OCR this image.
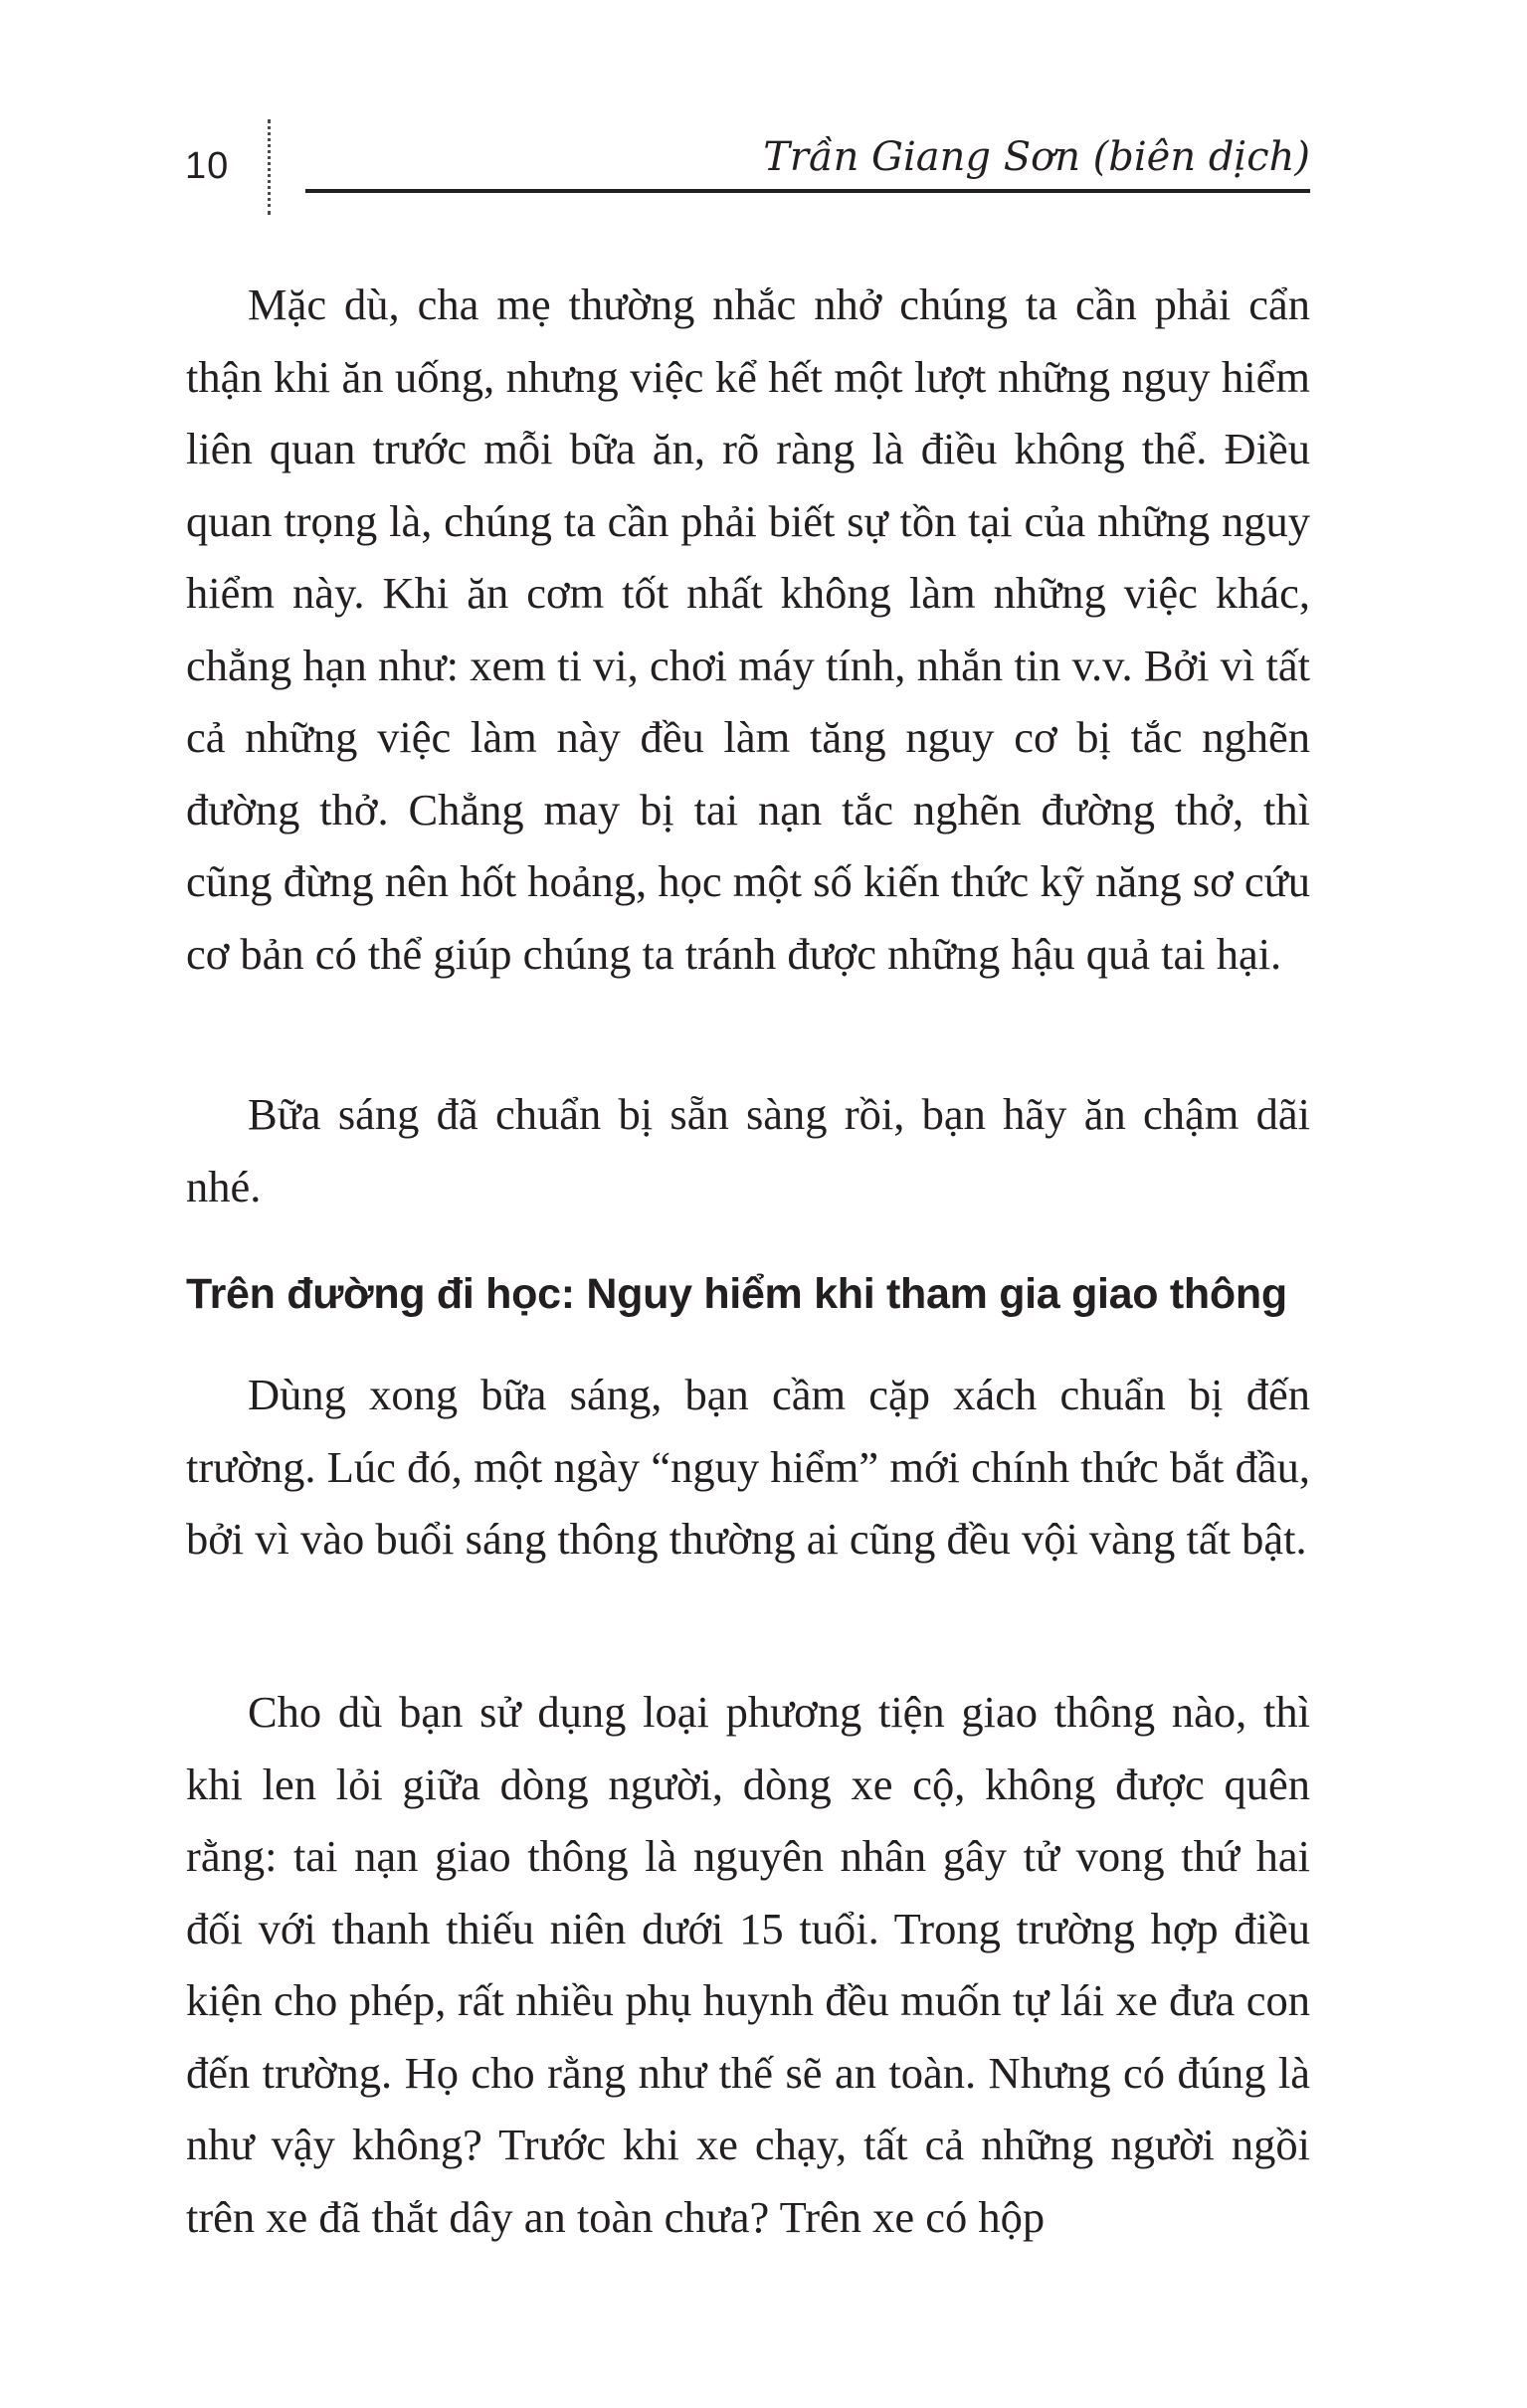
10	Trần Giang Sơn (biên dịch)

Mặc dù, cha mẹ thường nhắc nhở chúng ta cần phải cẩn thận khi ăn uống, nhưng việc kể hết một lượt những nguy hiểm liên quan trước mỗi bữa ăn, rõ ràng là điều không thể. Điều quan trọng là, chúng ta cần phải biết sự tồn tại của những nguy hiểm này. Khi ăn cơm tốt nhất không làm những việc khác, chẳng hạn như: xem ti vi, chơi máy tính, nhắn tin v.v. Bởi vì tất cả những việc làm này đều làm tăng nguy cơ bị tắc nghẽn đường thở. Chẳng may bị tai nạn tắc nghẽn đường thở, thì cũng đừng nên hốt hoảng, học một số kiến thức kỹ năng sơ cứu cơ bản có thể giúp chúng ta tránh được những hậu quả tai hại.

Bữa sáng đã chuẩn bị sẵn sàng rồi, bạn hãy ăn chậm dãi nhé.

Trên đường đi học: Nguy hiểm khi tham gia giao thông

Dùng xong bữa sáng, bạn cầm cặp xách chuẩn bị đến trường. Lúc đó, một ngày “nguy hiểm” mới chính thức bắt đầu, bởi vì vào buổi sáng thông thường ai cũng đều vội vàng tất bật.

Cho dù bạn sử dụng loại phương tiện giao thông nào, thì khi len lỏi giữa dòng người, dòng xe cộ, không được quên rằng: tai nạn giao thông là nguyên nhân gây tử vong thứ hai đối với thanh thiếu niên dưới 15 tuổi. Trong trường hợp điều kiện cho phép, rất nhiều phụ huynh đều muốn tự lái xe đưa con đến trường. Họ cho rằng như thế sẽ an toàn. Nhưng có đúng là như vậy không? Trước khi xe chạy, tất cả những người ngồi trên xe đã thắt dây an toàn chưa? Trên xe có hộp
